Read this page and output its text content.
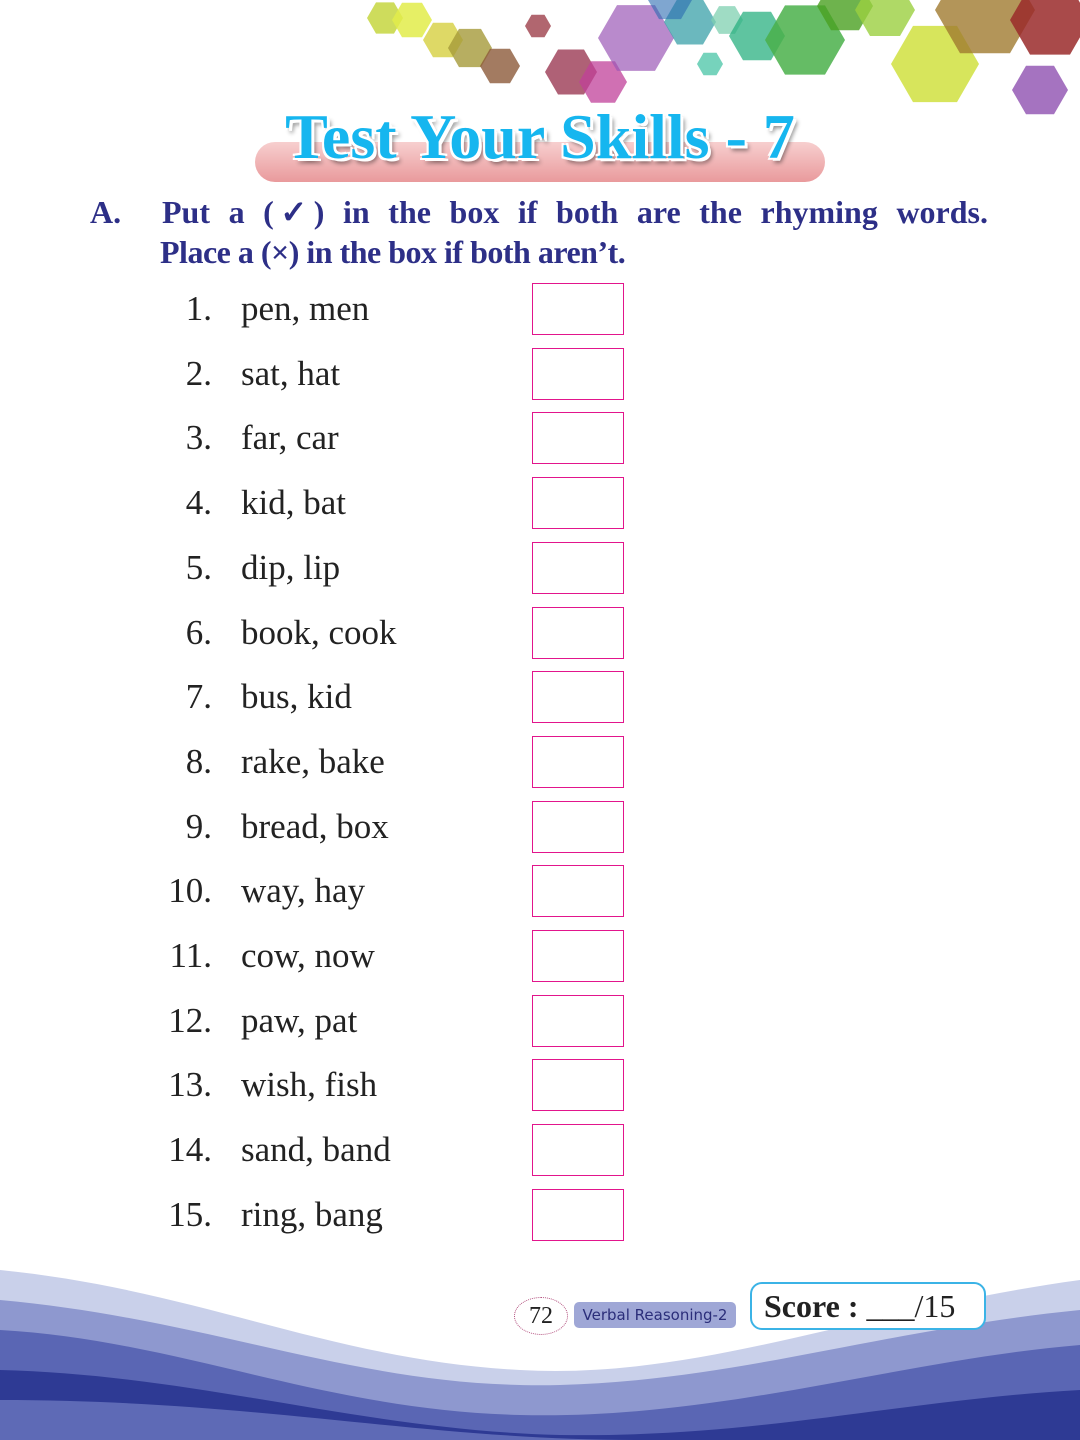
Test Your Skills - 7
A. Put a (✓) in the box if both are the rhyming words.
Place a (×) in the box if both aren’t.
1. pen, men
2. sat, hat
3. far, car
4. kid, bat
5. dip, lip
6. book, cook
7. bus, kid
8. rake, bake
9. bread, box
10. way, hay
11. cow, now
12. paw, pat
13. wish, fish
14. sand, band
15. ring, bang
72	Verbal Reasoning-2	Score : ___/15
